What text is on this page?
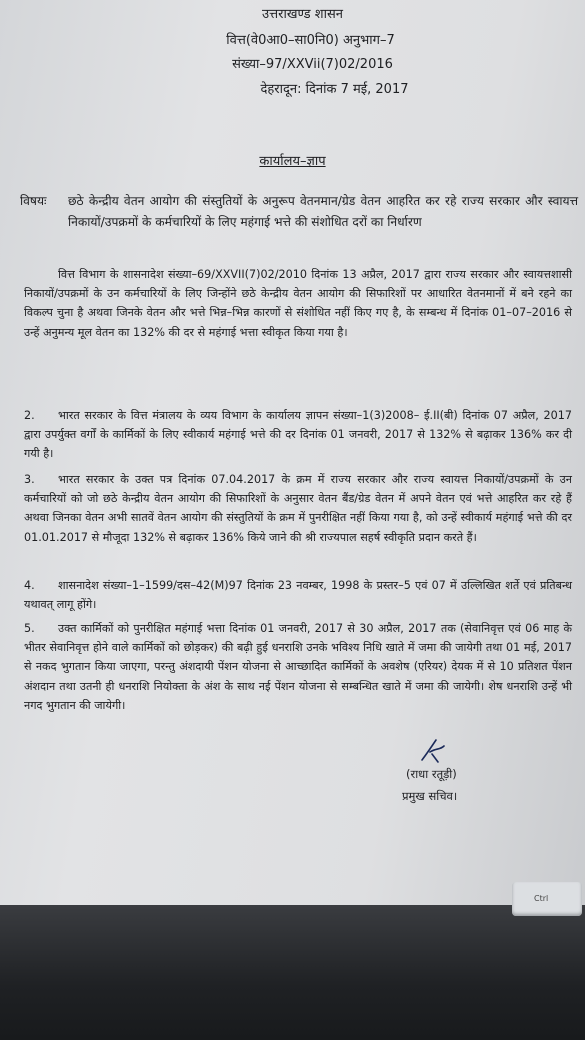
उत्तराखण्ड शासन
वित्त(वे0आ0–सा0नि0) अनुभाग–7
संख्या–97/XXVii(7)02/2016
देहरादून: दिनांक 7 मई, 2017
कार्यालय–ज्ञाप
विषयः छठे केन्द्रीय वेतन आयोग की संस्तुतियों के अनुरूप वेतनमान/ग्रेड वेतन आहरित कर रहे राज्य सरकार और स्वायत्त निकायों/उपक्रमों के कर्मचारियों के लिए महंगाई भत्ते की संशोधित दरों का निर्धारण
वित्त विभाग के शासनादेश संख्या–69/XXVII(7)02/2010 दिनांक 13 अप्रैल, 2017 द्वारा राज्य सरकार और स्वायत्तशासी निकायों/उपक्रमों के उन कर्मचारियों के लिए जिन्होंने छठे केन्द्रीय वेतन आयोग की सिफारिशों पर आधारित वेतनमानों में बने रहने का विकल्प चुना है अथवा जिनके वेतन और भत्ते भिन्न–भिन्न कारणों से संशोधित नहीं किए गए है, के सम्बन्ध में दिनांक 01–07–2016 से उन्हें अनुमन्य मूल वेतन का 132% की दर से महंगाई भत्ता स्वीकृत किया गया है।
2. भारत सरकार के वित्त मंत्रालय के व्यय विभाग के कार्यालय ज्ञापन संख्या–1(3)2008– ई.II(बी) दिनांक 07 अप्रैल, 2017 द्वारा उपर्युक्त वर्गों के कार्मिकों के लिए स्वीकार्य महंगाई भत्ते की दर दिनांक 01 जनवरी, 2017 से 132% से बढ़ाकर 136% कर दी गयी है।
3. भारत सरकार के उक्त पत्र दिनांक 07.04.2017 के क्रम में राज्य सरकार और राज्य स्वायत्त निकायों/उपक्रमों के उन कर्मचारियों को जो छठे केन्द्रीय वेतन आयोग की सिफारिशों के अनुसार वेतन बैंड/ग्रेड वेतन में अपने वेतन एवं भत्ते आहरित कर रहे हैं अथवा जिनका वेतन अभी सातवें वेतन आयोग की संस्तुतियों के क्रम में पुनरीक्षित नहीं किया गया है, को उन्हें स्वीकार्य महंगाई भत्ते की दर 01.01.2017 से मौजूदा 132% से बढ़ाकर 136% किये जाने की श्री राज्यपाल सहर्ष स्वीकृति प्रदान करते हैं।
4. शासनादेश संख्या–1–1599/दस–42(M)97 दिनांक 23 नवम्बर, 1998 के प्रस्तर–5 एवं 07 में उल्लिखित शर्ते एवं प्रतिबन्ध यथावत् लागू होंगे।
5. उक्त कार्मिकों को पुनरीक्षित महंगाई भत्ता दिनांक 01 जनवरी, 2017 से 30 अप्रैल, 2017 तक (सेवानिवृत्त एवं 06 माह के भीतर सेवानिवृत्त होने वाले कार्मिकों को छोड़कर) की बढ़ी हुई धनराशि उनके भविश्य निधि खाते में जमा की जायेगी तथा 01 मई, 2017 से नकद भुगतान किया जाएगा, परन्तु अंशदायी पेंशन योजना से आच्छादित कार्मिकों के अवशेष (एरियर) देयक में से 10 प्रतिशत पेंशन अंशदान तथा उतनी ही धनराशि नियोक्ता के अंश के साथ नई पेंशन योजना से सम्बन्धित खाते में जमा की जायेगी। शेष धनराशि उन्हें भी नगद भुगतान की जायेगी।
(राधा रतूड़ी)
प्रमुख सचिव।
Ctrl
